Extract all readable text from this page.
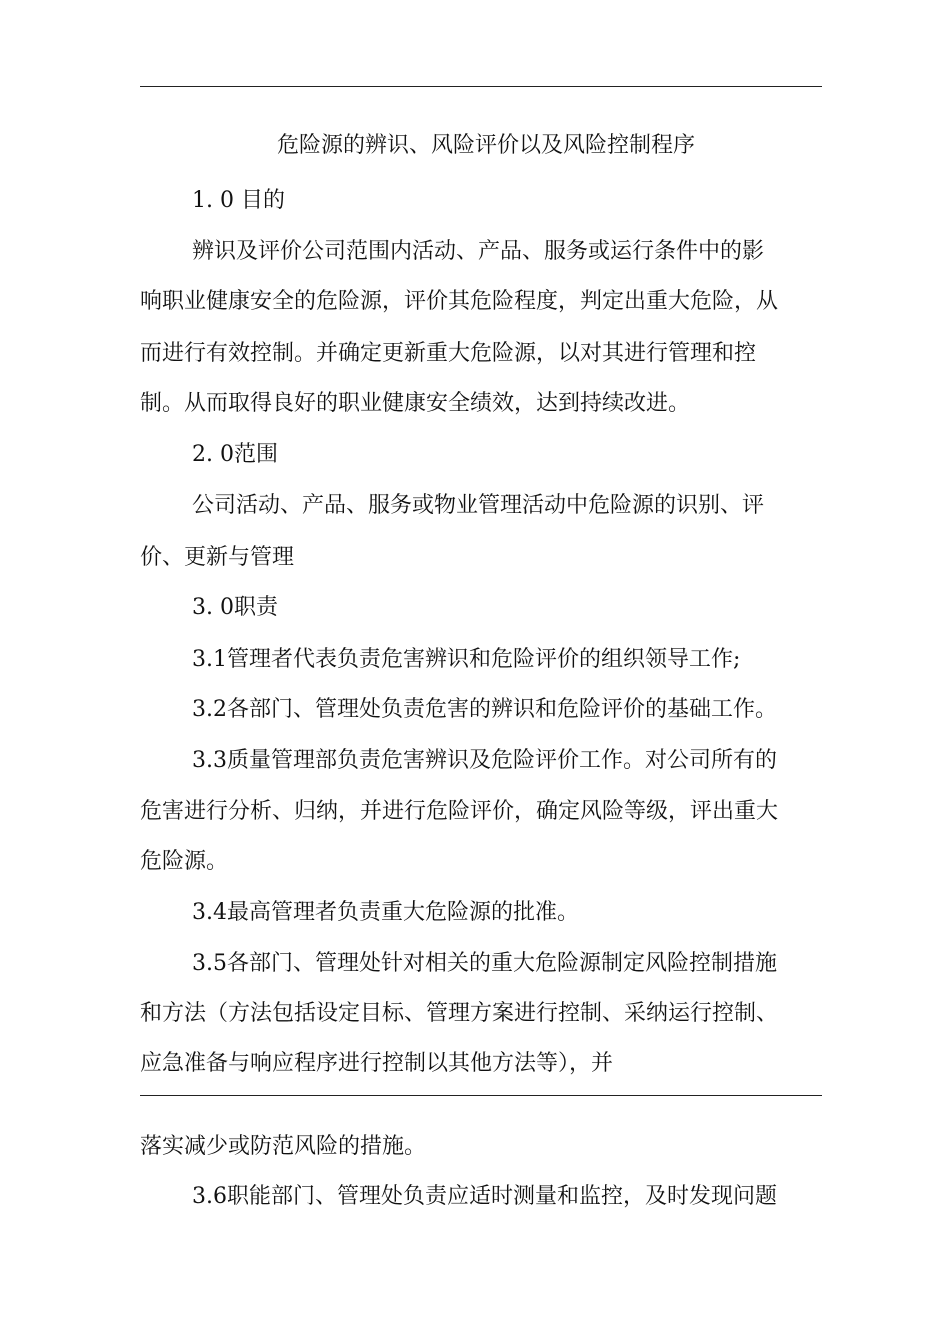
危险源的辨识、风险评价以及风险控制程序
1. 0 目的
辨识及评价公司范围内活动、产品、服务或运行条件中的影
响职业健康安全的危险源，评价其危险程度，判定出重大危险，从
而进行有效控制。并确定更新重大危险源，以对其进行管理和控
制。从而取得良好的职业健康安全绩效，达到持续改进。
2. 0范围
公司活动、产品、服务或物业管理活动中危险源的识别、评
价、更新与管理
3. 0职责
3.1管理者代表负责危害辨识和危险评价的组织领导工作;
3.2各部门、管理处负责危害的辨识和危险评价的基础工作。
3.3质量管理部负责危害辨识及危险评价工作。对公司所有的
危害进行分析、归纳，并进行危险评价，确定风险等级，评出重大
危险源。
3.4最高管理者负责重大危险源的批准。
3.5各部门、管理处针对相关的重大危险源制定风险控制措施
和方法（方法包括设定目标、管理方案进行控制、采纳运行控制、
应急准备与响应程序进行控制以其他方法等），并
落实减少或防范风险的措施。
3.6职能部门、管理处负责应适时测量和监控，及时发现问题
